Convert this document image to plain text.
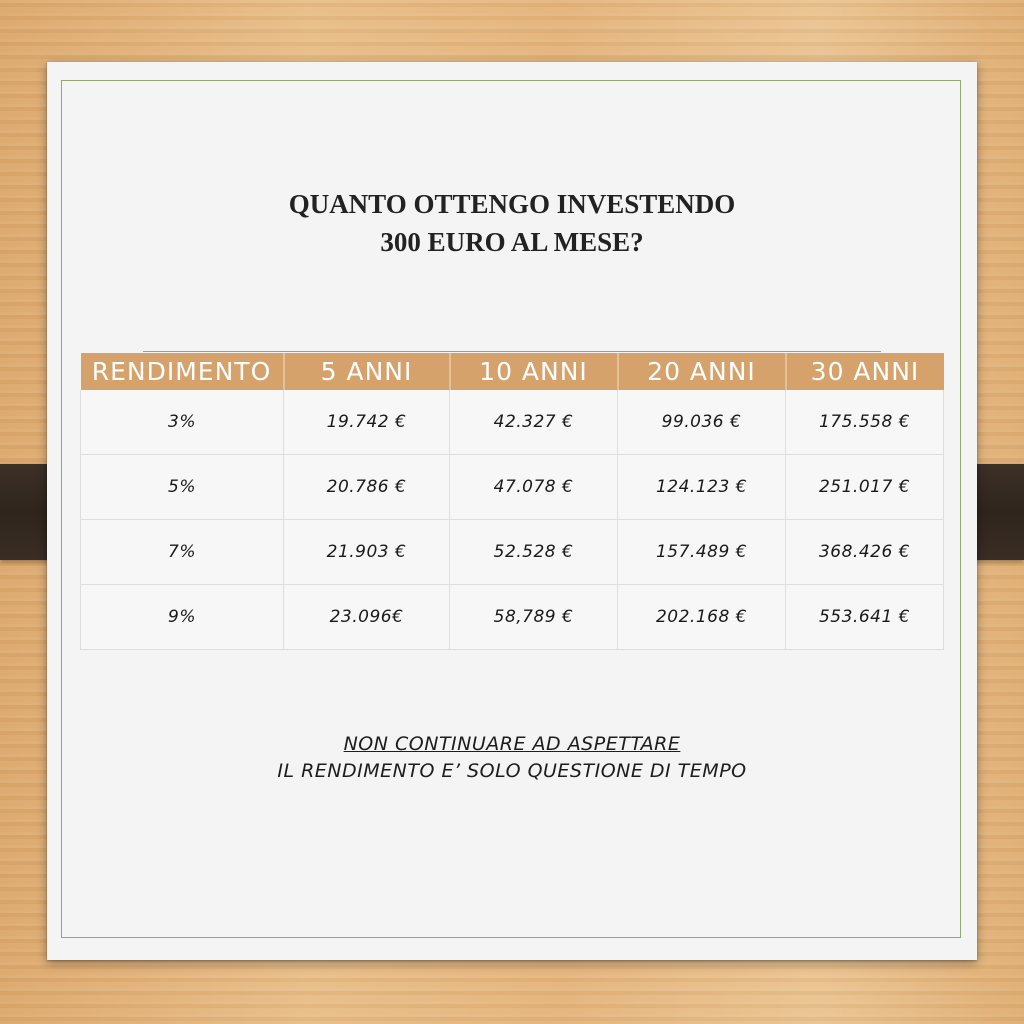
QUANTO OTTENGO INVESTENDO
300 EURO AL MESE?
RENDIMENTO	5 ANNI	10 ANNI	20 ANNI	30 ANNI
3%	19.742 €	42.327 €	99.036 €	175.558 €
5%	20.786 €	47.078 €	124.123 €	251.017 €
7%	21.903 €	52.528 €	157.489 €	368.426 €
9%	23.096€	58,789 €	202.168 €	553.641 €
NON CONTINUARE AD ASPETTARE
IL RENDIMENTO E’ SOLO QUESTIONE DI TEMPO
